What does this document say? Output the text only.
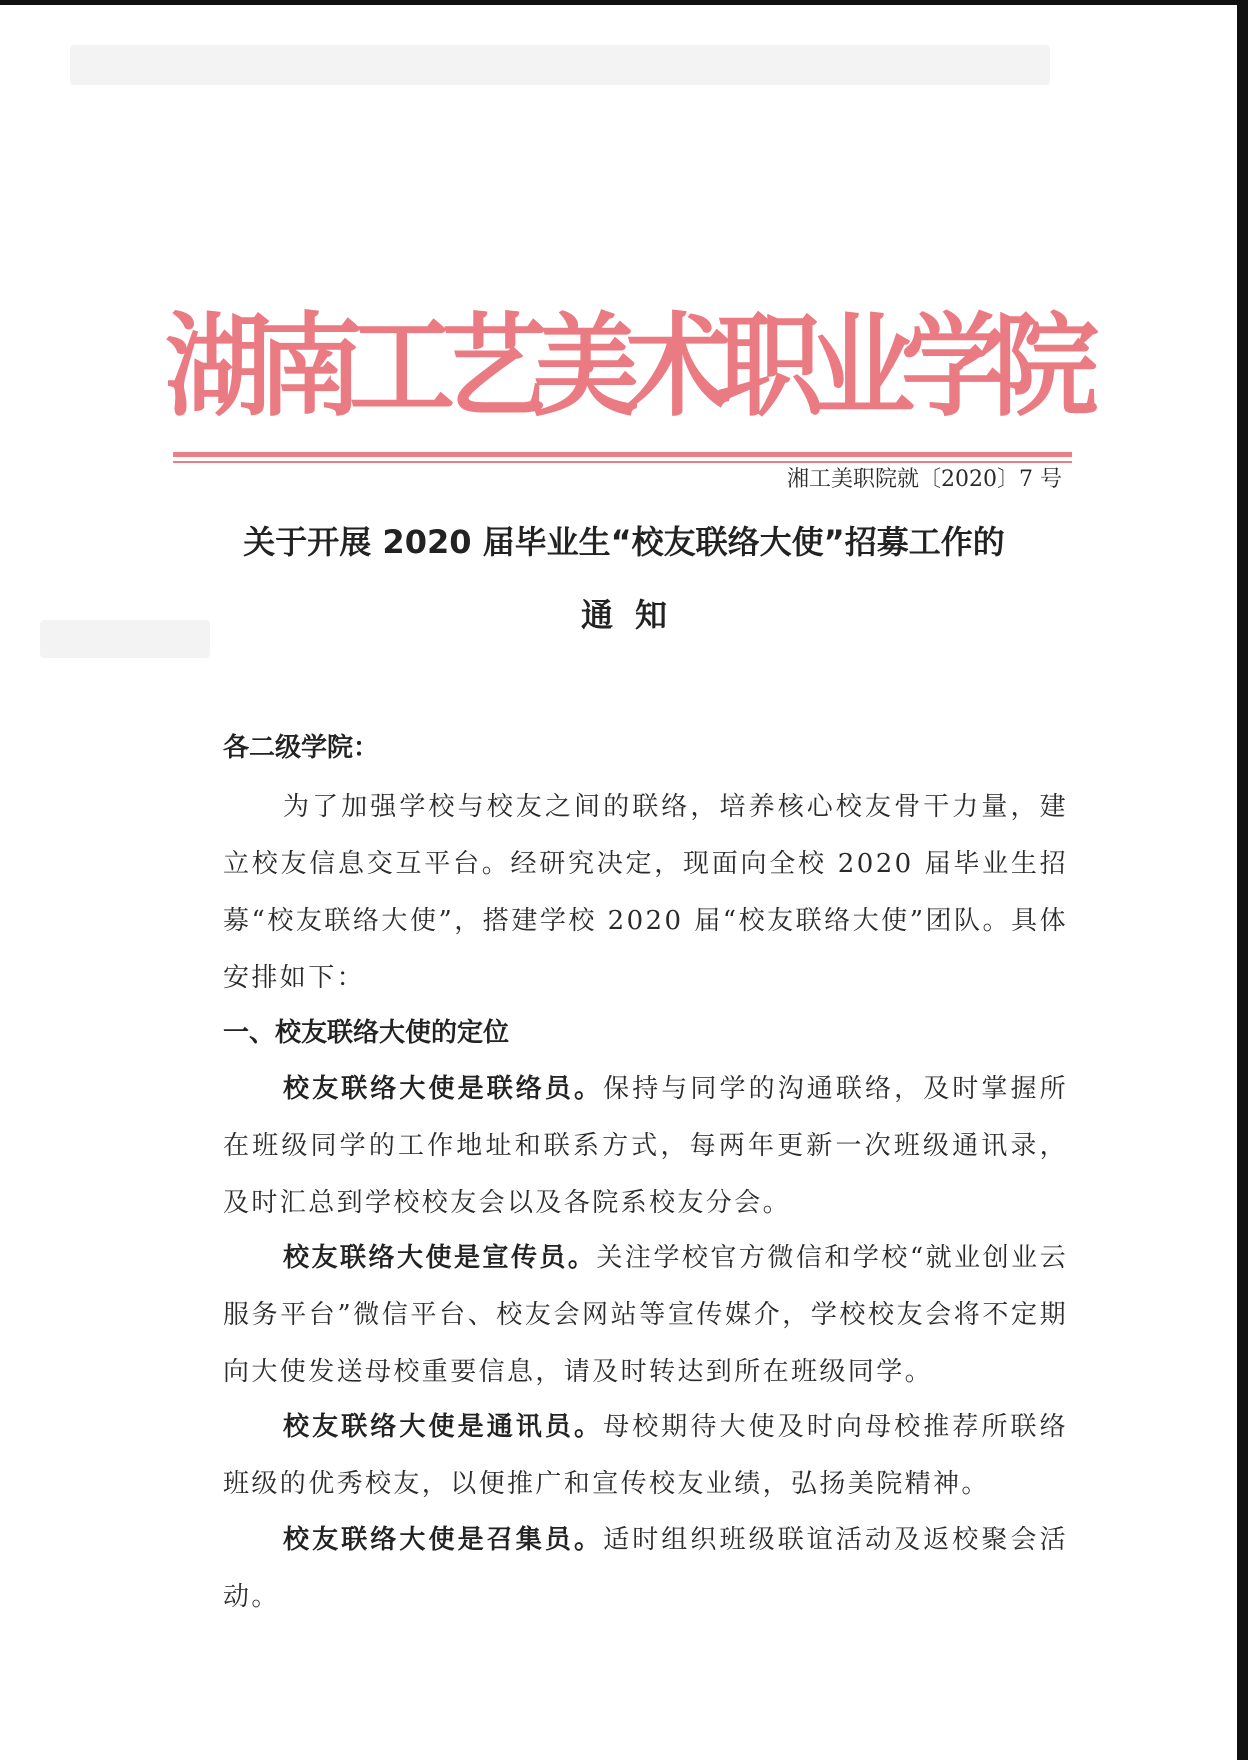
湖南工艺美术职业学院
湘工美职院就〔2020〕7 号
关于开展 2020 届毕业生“校友联络大使”招募工作的
通知
各二级学院：

为了加强学校与校友之间的联络，培养核心校友骨干力量，建立校友信息交互平台。经研究决定，现面向全校 2020 届毕业生招募“校友联络大使”，搭建学校 2020 届“校友联络大使”团队。具体安排如下：

一、校友联络大使的定位

校友联络大使是联络员。保持与同学的沟通联络，及时掌握所在班级同学的工作地址和联系方式，每两年更新一次班级通讯录，及时汇总到学校校友会以及各院系校友分会。

校友联络大使是宣传员。关注学校官方微信和学校“就业创业云服务平台”微信平台、校友会网站等宣传媒介，学校校友会将不定期向大使发送母校重要信息，请及时转达到所在班级同学。

校友联络大使是通讯员。母校期待大使及时向母校推荐所联络班级的优秀校友，以便推广和宣传校友业绩，弘扬美院精神。

校友联络大使是召集员。适时组织班级联谊活动及返校聚会活动。
